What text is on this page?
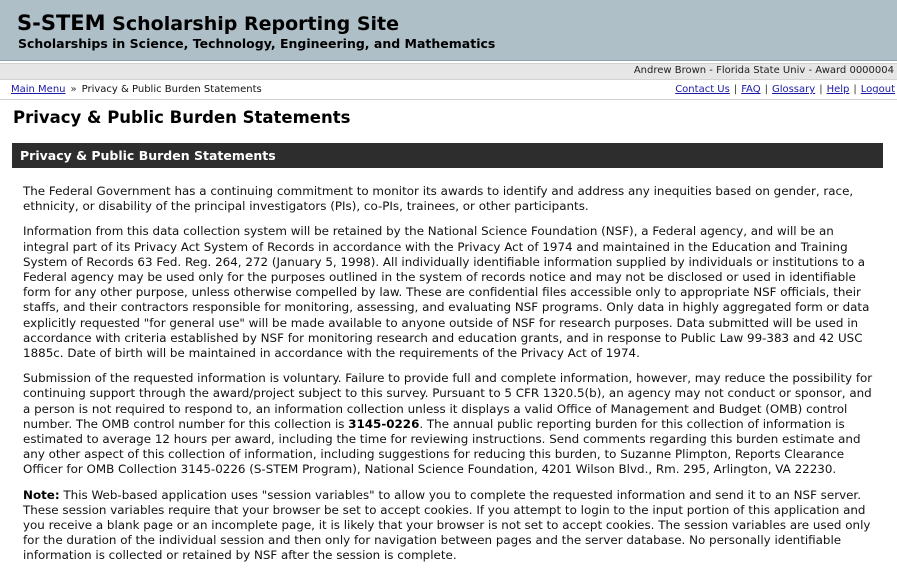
S-STEM Scholarship Reporting Site
Scholarships in Science, Technology, Engineering, and Mathematics
Andrew Brown - Florida State Univ - Award 0000004
Main Menu » Privacy & Public Burden Statements	Contact Us | FAQ | Glossary | Help | Logout
Privacy & Public Burden Statements
Privacy & Public Burden Statements

The Federal Government has a continuing commitment to monitor its awards to identify and address any inequities based on gender, race, ethnicity, or disability of the principal investigators (PIs), co-PIs, trainees, or other participants.

Information from this data collection system will be retained by the National Science Foundation (NSF), a Federal agency, and will be an integral part of its Privacy Act System of Records in accordance with the Privacy Act of 1974 and maintained in the Education and Training System of Records 63 Fed. Reg. 264, 272 (January 5, 1998). All individually identifiable information supplied by individuals or institutions to a Federal agency may be used only for the purposes outlined in the system of records notice and may not be disclosed or used in identifiable form for any other purpose, unless otherwise compelled by law. These are confidential files accessible only to appropriate NSF officials, their staffs, and their contractors responsible for monitoring, assessing, and evaluating NSF programs. Only data in highly aggregated form or data explicitly requested "for general use" will be made available to anyone outside of NSF for research purposes. Data submitted will be used in accordance with criteria established by NSF for monitoring research and education grants, and in response to Public Law 99-383 and 42 USC 1885c. Date of birth will be maintained in accordance with the requirements of the Privacy Act of 1974.

Submission of the requested information is voluntary. Failure to provide full and complete information, however, may reduce the possibility for continuing support through the award/project subject to this survey. Pursuant to 5 CFR 1320.5(b), an agency may not conduct or sponsor, and a person is not required to respond to, an information collection unless it displays a valid Office of Management and Budget (OMB) control number. The OMB control number for this collection is 3145-0226. The annual public reporting burden for this collection of information is estimated to average 12 hours per award, including the time for reviewing instructions. Send comments regarding this burden estimate and any other aspect of this collection of information, including suggestions for reducing this burden, to Suzanne Plimpton, Reports Clearance Officer for OMB Collection 3145-0226 (S-STEM Program), National Science Foundation, 4201 Wilson Blvd., Rm. 295, Arlington, VA 22230.

Note: This Web-based application uses "session variables" to allow you to complete the requested information and send it to an NSF server. These session variables require that your browser be set to accept cookies. If you attempt to login to the input portion of this application and you receive a blank page or an incomplete page, it is likely that your browser is not set to accept cookies. The session variables are used only for the duration of the individual session and then only for navigation between pages and the server database. No personally identifiable information is collected or retained by NSF after the session is complete.
